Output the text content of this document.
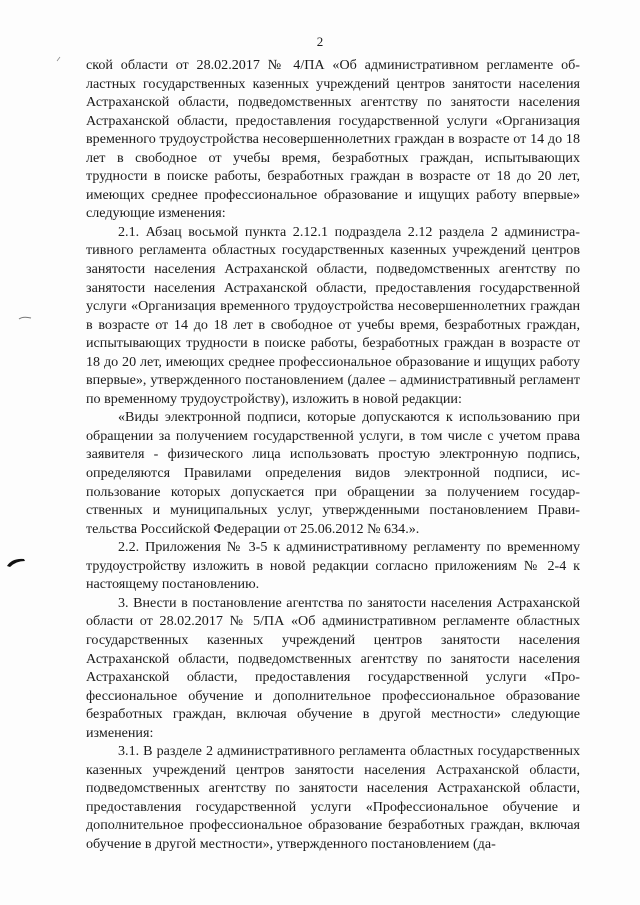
2

ской области от 28.02.2017 № 4/ПА «Об административном регламенте областных государственных казенных учреждений центров занятости населения Астраханской области, подведомственных агентству по занятости населения Астраханской области, предоставления государственной услуги «Организация временного трудоустройства несовершеннолетних граждан в возрасте от 14 до 18 лет в свободное от учебы время, безработных граждан, испытывающих трудности в поиске работы, безработных граждан в возрасте от 18 до 20 лет, имеющих среднее профессиональное образование и ищущих работу впервые» следующие изменения:

2.1. Абзац восьмой пункта 2.12.1 подраздела 2.12 раздела 2 административного регламента областных государственных казенных учреждений центров занятости населения Астраханской области, подведомственных агентству по занятости населения Астраханской области, предоставления государственной услуги «Организация временного трудоустройства несовершеннолетних граждан в возрасте от 14 до 18 лет в свободное от учебы время, безработных граждан, испытывающих трудности в поиске работы, безработных граждан в возрасте от 18 до 20 лет, имеющих среднее профессиональное образование и ищущих работу впервые», утвержденного постановлением (далее – административный регламент по временному трудоустройству), изложить в новой редакции:

«Виды электронной подписи, которые допускаются к использованию при обращении за получением государственной услуги, в том числе с учетом права заявителя - физического лица использовать простую электронную подпись, определяются Правилами определения видов электронной подписи, использование которых допускается при обращении за получением государственных и муниципальных услуг, утвержденными постановлением Правительства Российской Федерации от 25.06.2012 № 634.».

2.2. Приложения № 3-5 к административному регламенту по временному трудоустройству изложить в новой редакции согласно приложениям № 2-4 к настоящему постановлению.

3. Внести в постановление агентства по занятости населения Астраханской области от 28.02.2017 № 5/ПА «Об административном регламенте областных государственных казенных учреждений центров занятости населения Астраханской области, подведомственных агентству по занятости населения Астраханской области, предоставления государственной услуги «Профессиональное обучение и дополнительное профессиональное образование безработных граждан, включая обучение в другой местности» следующие изменения:

3.1. В разделе 2 административного регламента областных государственных казенных учреждений центров занятости населения Астраханской области, подведомственных агентству по занятости населения Астраханской области, предоставления государственной услуги «Профессиональное обучение и дополнительное профессиональное образование безработных граждан, включая обучение в другой местности», утвержденного постановлением (да-
